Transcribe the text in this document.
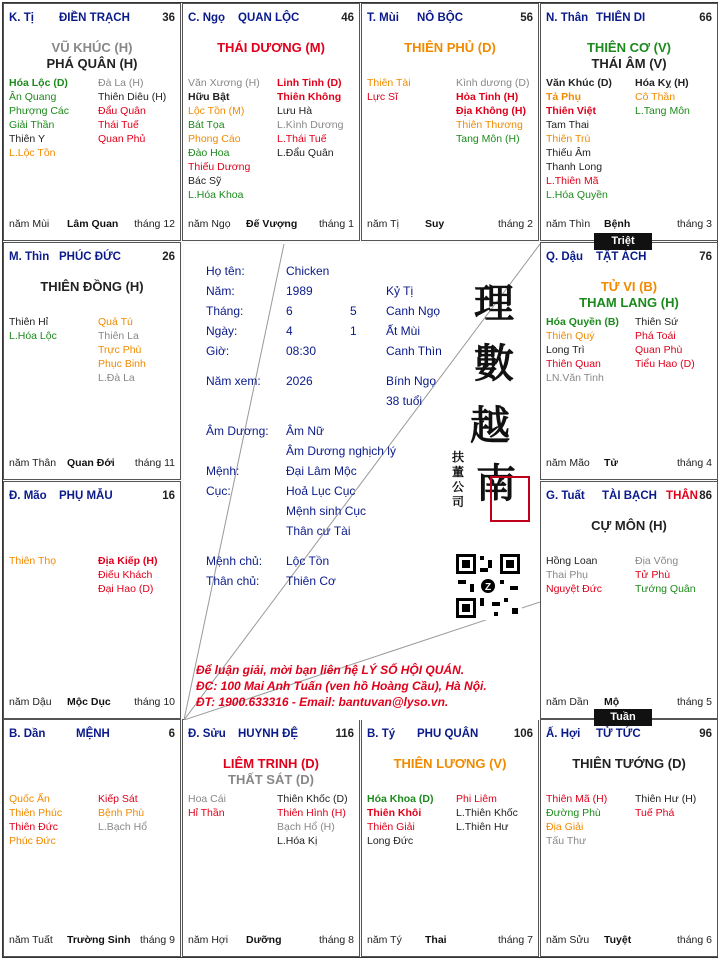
K. Tị ĐIỀN TRẠCH	36
VŨ KHÚC (H)
PHÁ QUÂN (H)
Hóa Lộc (D)
Ân Quang
Phượng Các
Giải Thần
Thiên Y
L.Lộc Tồn
Đà La (H)
Thiên Diêu (H)
Đẩu Quân
Thái Tuế
Quan Phủ
năm Mùi Lâm Quan tháng 12
C. Ngọ QUAN LỘC	46
THÁI DƯƠNG (M)
Văn Xương (H)
Hữu Bật
Lộc Tồn (M)
Bát Tọa
Phong Cáo
Đào Hoa
Thiếu Dương
Bác Sỹ
L.Hóa Khoa
Linh Tinh (D)
Thiên Không
Lưu Hà
L.Kình Dương
L.Thái Tuế
L.Đẩu Quân
năm Ngọ Đế Vượng tháng 1
T. Mùi NÔ BỘC	56
THIÊN PHỦ (D)
Thiên Tài
Lực Sĩ
Kình dương (D)
Hỏa Tinh (H)
Địa Không (H)
Thiên Thương
Tang Môn (H)
năm Tị Suy	tháng 2
N. Thân THIÊN DI	66
THIÊN CƠ (V)
THÁI ÂM (V)
Văn Khúc (D)
Tả Phụ
Thiên Việt
Tam Thai
Thiên Trù
Thiếu Âm
Thanh Long
L.Thiên Mã
L.Hóa Quyền
Hóa Kỵ (H)
Cô Thần
L.Tang Môn
năm Thìn Bệnh	tháng 3
M. Thìn PHÚC ĐỨC	26
THIÊN ĐỒNG (H)
Thiên Hỉ
L.Hóa Lộc
Quả Tú
Thiên La
Trực Phù
Phục Binh
L.Đà La
năm Thân Quan Đới tháng 11
Q. Dậu TẬT ÁCH	76
TỬ VI (B)
THAM LANG (H)
Hóa Quyền (B)
Thiên Quý
Long Trì
Thiên Quan
LN.Văn Tinh
Thiên Sứ
Phá Toái
Quan Phù
Tiểu Hao (D)
năm Mão Tử	tháng 4
Đ. Mão PHỤ MẪU	16
Thiên Thọ	Địa Kiếp (H)
Điếu Khách
Đại Hao (D)
năm Dậu Mộc Dục tháng 10
G. Tuất TÀI BẠCH THÂN 86
CỰ MÔN (H)
Hồng Loan
Thai Phụ
Nguyệt Đức
Địa Võng
Tử Phù
Tướng Quân
năm Dần Mộ	tháng 5
B. Dần	MỆNH	6
Quốc Ấn
Thiên Phúc
Thiên Đức
Phúc Đức
Kiếp Sát
Bệnh Phù
L.Bạch Hổ
năm Tuất Trường Sinh tháng 9
Đ. Sửu HUYNH ĐỆ	116
LIÊM TRINH (D)
THẤT SÁT (D)
Hoa Cái
Hỉ Thần
Thiên Khốc (D)
Thiên Hình (H)
Bạch Hổ (H)
L.Hóa Kị
năm Hợi Dưỡng	tháng 8
B. Tý PHU QUÂN	106
THIÊN LƯƠNG (V)
Hóa Khoa (D)
Thiên Khôi
Thiên Giải
Long Đức
Phi Liêm
L.Thiên Khốc
L.Thiên Hư
năm Tý Thai	tháng 7
Ấ. Hợi TỬ TỨC	96
THIÊN TƯỚNG (D)
Thiên Mã (H)
Đường Phù
Địa Giải
Tấu Thư
Thiên Hư (H)
Tuế Phá
năm Sửu Tuyệt	tháng 6
Triệt
Tuần
Họ tên:	Chicken
Năm:	1989	Kỷ Tị
Tháng:	6	5 Canh Ngọ
Ngày:	4	1 Ất Mùi
Giờ:	08:30	Canh Thìn
Năm xem: 2026	Bính Ngọ
38 tuổi
Âm Dương: Âm Nữ
Âm Dương nghịch lý
Mệnh:	Đại Lâm Mộc
Cục:	Hoả Lục Cục
Mệnh sinh Cục
Thân cư Tài
Mệnh chủ: Lộc Tồn
Thân chủ: Thiên Cơ
理
數
越
南
扶董公司
Z
Để luận giải, mời bạn liên hệ LÝ SỐ HỘI QUÁN.
ĐC: 100 Mai Anh Tuấn (ven hồ Hoàng Cầu), Hà Nội.
ĐT: 1900.633316 - Email: bantuvan@lyso.vn.
